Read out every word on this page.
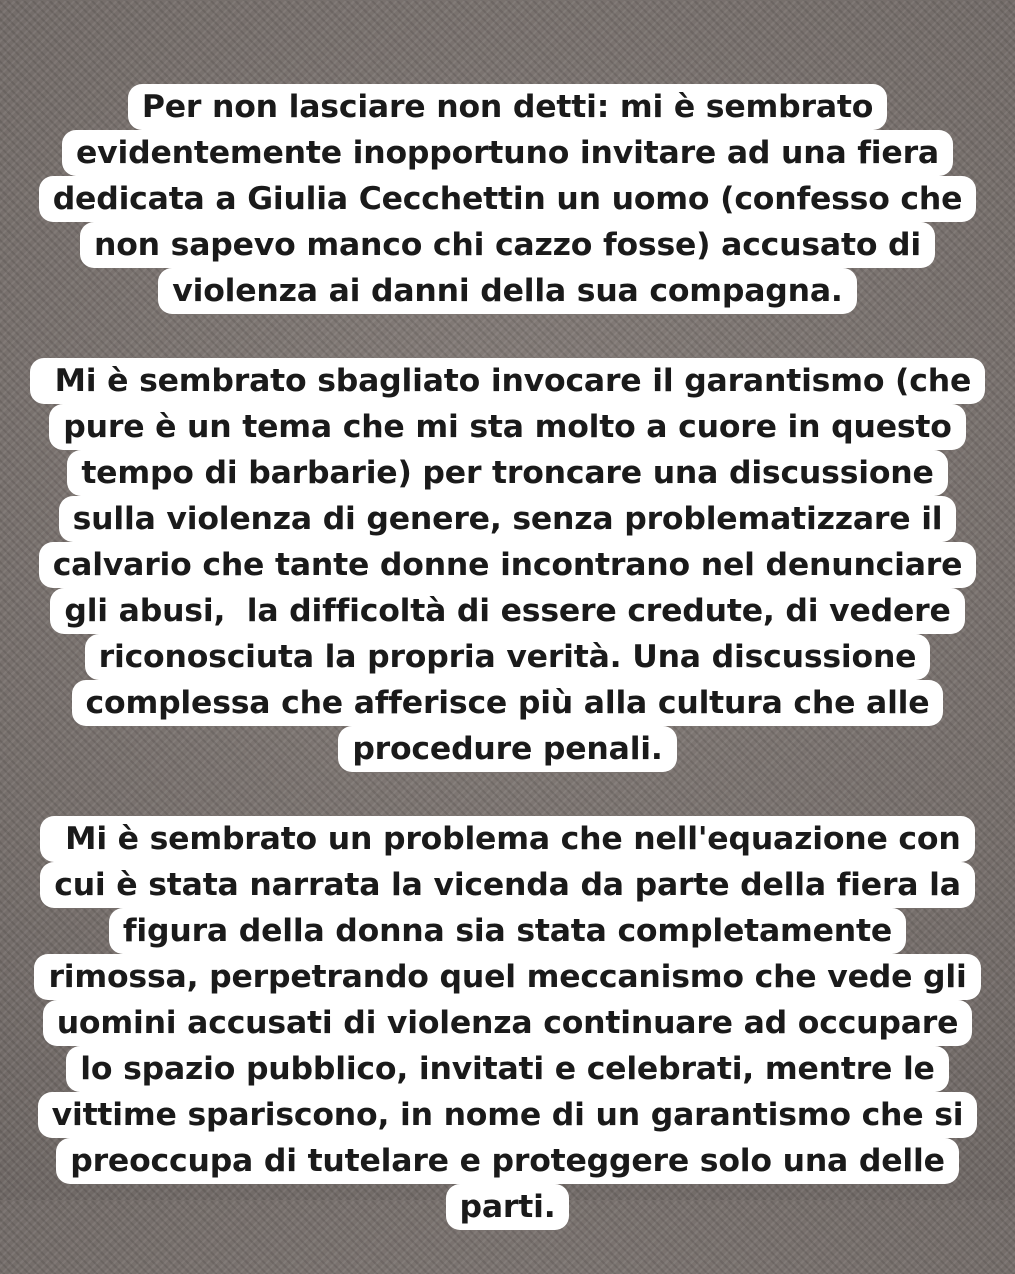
Per non lasciare non detti: mi è sembrato
evidentemente inopportuno invitare ad una fiera
dedicata a Giulia Cecchettin un uomo (confesso che
non sapevo manco chi cazzo fosse) accusato di
violenza ai danni della sua compagna.
Mi è sembrato sbagliato invocare il garantismo (che
pure è un tema che mi sta molto a cuore in questo
tempo di barbarie) per troncare una discussione
sulla violenza di genere, senza problematizzare il
calvario che tante donne incontrano nel denunciare
gli abusi,  la difficoltà di essere credute, di vedere
riconosciuta la propria verità. Una discussione
complessa che afferisce più alla cultura che alle
procedure penali.
Mi è sembrato un problema che nell'equazione con
cui è stata narrata la vicenda da parte della fiera la
figura della donna sia stata completamente
rimossa, perpetrando quel meccanismo che vede gli
uomini accusati di violenza continuare ad occupare
lo spazio pubblico, invitati e celebrati, mentre le
vittime spariscono, in nome di un garantismo che si
preoccupa di tutelare e proteggere solo una delle
parti.
